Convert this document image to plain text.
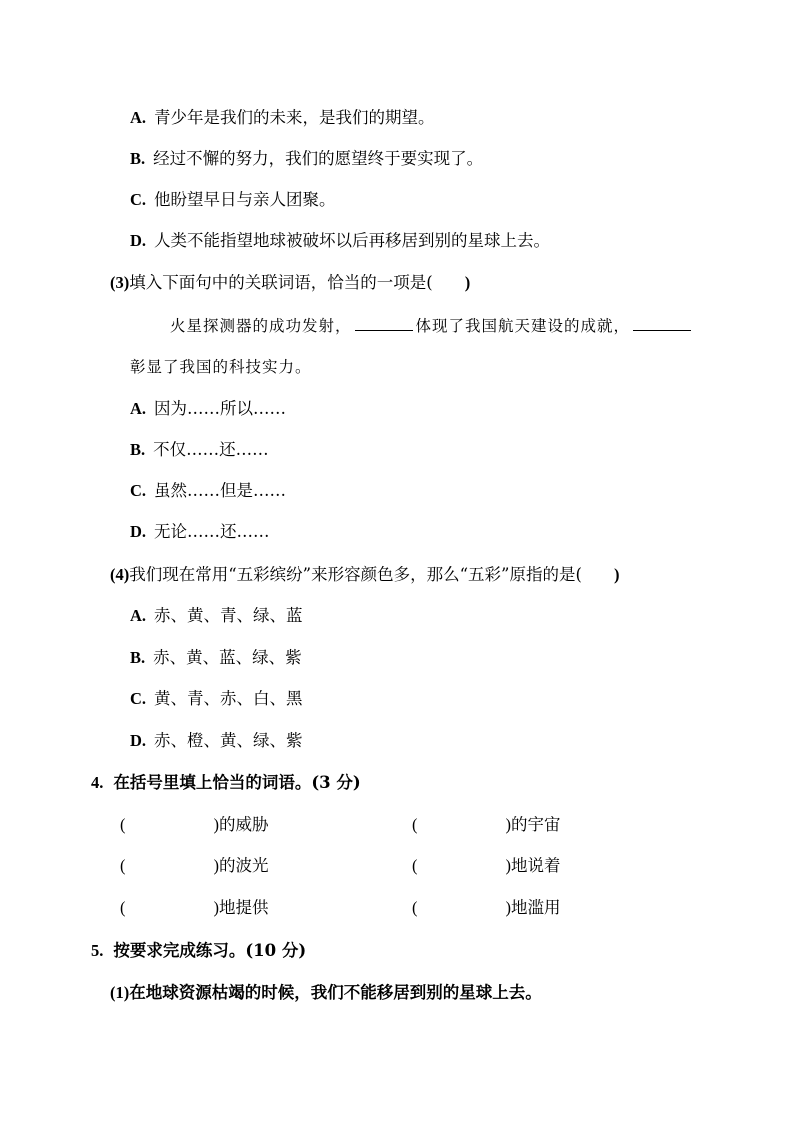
A. 青少年是我们的未来，是我们的期望。
B. 经过不懈的努力，我们的愿望终于要实现了。
C. 他盼望早日与亲人团聚。
D. 人类不能指望地球被破坏以后再移居到别的星球上去。
(3)填入下面句中的关联词语，恰当的一项是( )
火星探测器的成功发射，	体现了我国航天建设的成就，
彰显了我国的科技实力。
A. 因为……所以……
B. 不仅……还……
C. 虽然……但是……
D. 无论……还……
(4)我们现在常用“五彩缤纷”来形容颜色多，那么“五彩”原指的是( )
A. 赤、黄、青、绿、蓝
B. 赤、黄、蓝、绿、紫
C. 黄、青、赤、白、黑
D. 赤、橙、黄、绿、紫
4. 在括号里填上恰当的词语。(3 分)
(	)的威胁	(	)的宇宙
(	)的波光	(	)地说着
(	)地提供	(	)地滥用
5. 按要求完成练习。(10 分)
(1)在地球资源枯竭的时候，我们不能移居到别的星球上去。
